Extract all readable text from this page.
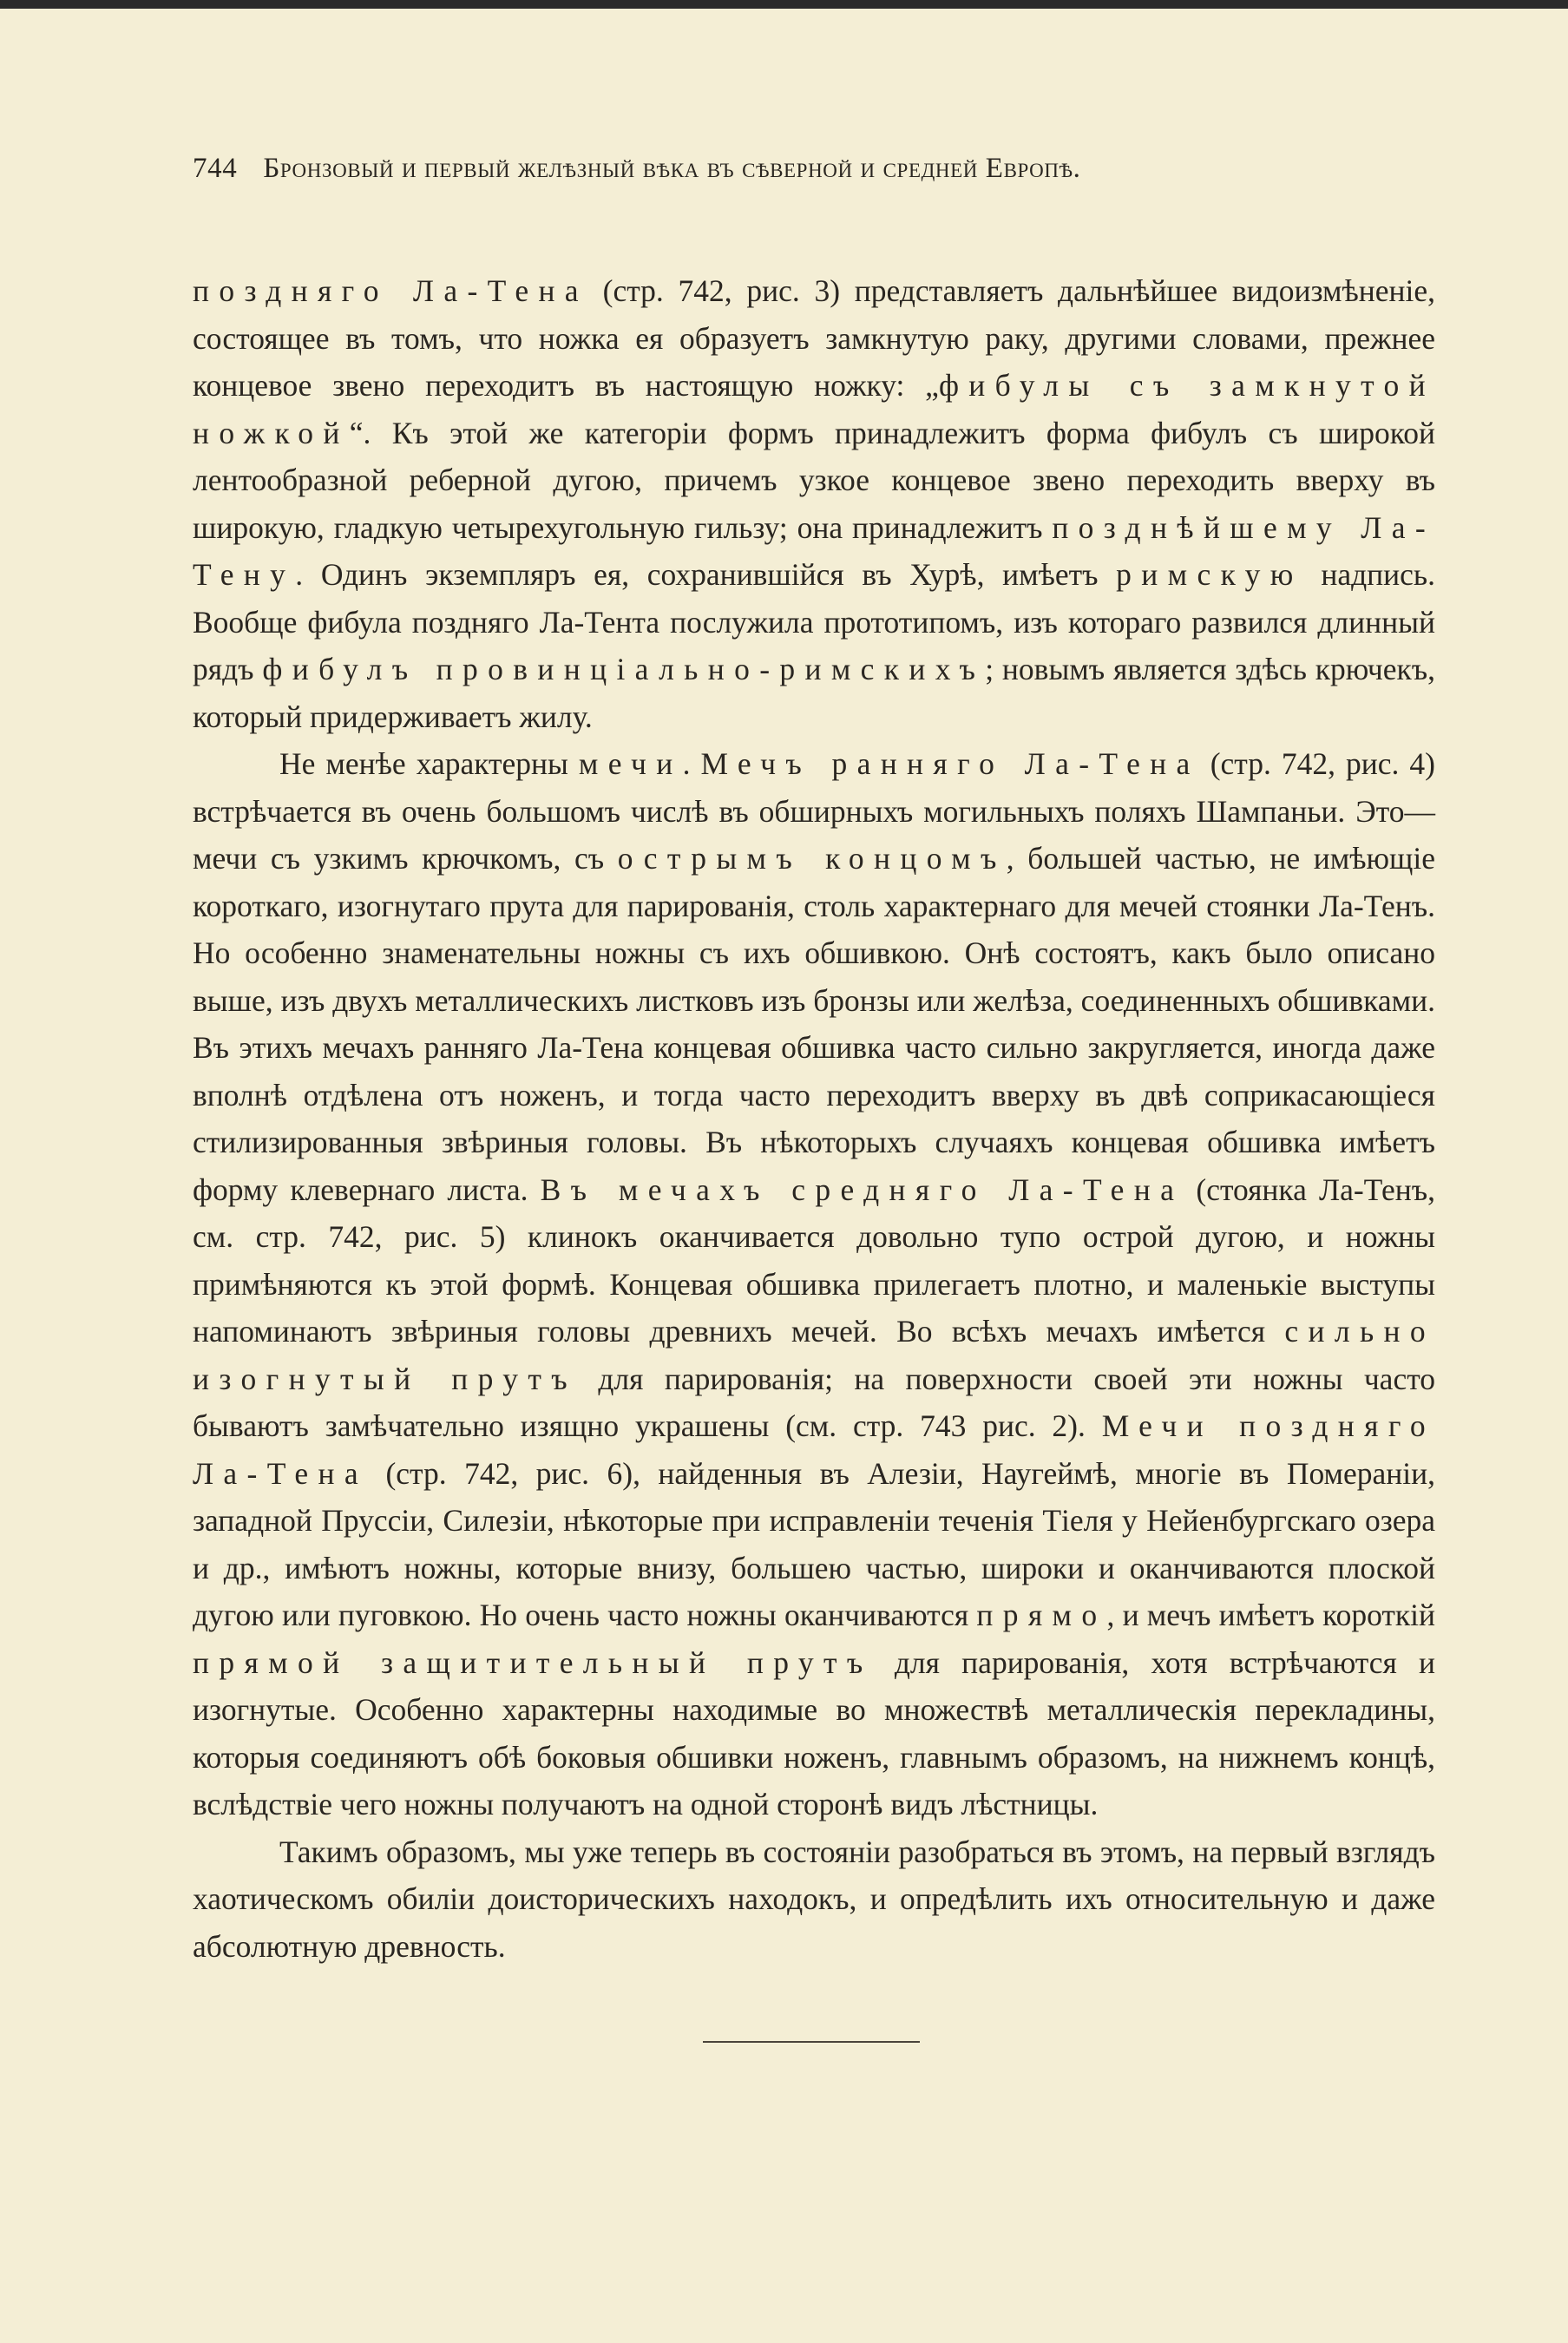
744 Бронзовый и первый желѣзный вѣка въ сѣверной и средней Европѣ.

поздняго Ла-Тена (стр. 742, рис. 3) представляетъ дальнѣйшее видоизмѣненіе, состоящее въ томъ, что ножка ея образуетъ замкнутую раку, другими словами, прежнее концевое звено переходитъ въ настоящую ножку: „фибулы съ замкнутой ножкой“. Къ этой же категоріи формъ принадлежитъ форма фибулъ съ широкой лентообразной реберной дугою, причемъ узкое концевое звено переходить вверху въ широкую, гладкую четырехугольную гильзу; она принадлежитъ позднѣйшему Ла-Тену. Одинъ экземпляръ ея, сохранившійся въ Хурѣ, имѣетъ римскую надпись. Вообще фибула поздняго Ла-Тента послужила прототипомъ, изъ котораго развился длинный рядъ фибулъ провинціально-римскихъ; новымъ является здѣсь крючекъ, который придерживаетъ жилу.

Не менѣе характерны мечи. Мечъ ранняго Ла-Тена (стр. 742, рис. 4) встрѣчается въ очень большомъ числѣ въ обширныхъ могильныхъ поляхъ Шампаньи. Это—мечи съ узкимъ крючкомъ, съ острымъ концомъ, большей частью, не имѣющіе короткаго, изогнутаго прута для парированія, столь характернаго для мечей стоянки Ла-Тенъ. Но особенно знаменательны ножны съ ихъ обшивкою. Онѣ состоятъ, какъ было описано выше, изъ двухъ металлическихъ листковъ изъ бронзы или желѣза, соединенныхъ обшивками. Въ этихъ мечахъ ранняго Ла-Тена концевая обшивка часто сильно закругляется, иногда даже вполнѣ отдѣлена отъ ноженъ, и тогда часто переходитъ вверху въ двѣ соприкасающіеся стилизированныя звѣриныя головы. Въ нѣкоторыхъ случаяхъ концевая обшивка имѣетъ форму клевернаго листа. Въ мечахъ средняго Ла-Тена (стоянка Ла-Тенъ, см. стр. 742, рис. 5) клинокъ оканчивается довольно тупо острой дугою, и ножны примѣняются къ этой формѣ. Концевая обшивка прилегаетъ плотно, и маленькіе выступы напоминаютъ звѣриныя головы древнихъ мечей. Во всѣхъ мечахъ имѣется сильно изогнутый прутъ для парированія; на поверхности своей эти ножны часто бываютъ замѣчательно изящно украшены (см. стр. 743 рис. 2). Мечи поздняго Ла-Тена (стр. 742, рис. 6), найденныя въ Алезіи, Наугеймѣ, многіе въ Помераніи, западной Пруссіи, Силезіи, нѣкоторые при исправленіи теченія Тіеля у Нейенбургскаго озера и др., имѣютъ ножны, которые внизу, большею частью, широки и оканчиваются плоской дугою или пуговкою. Но очень часто ножны оканчиваются прямо, и мечъ имѣетъ короткій прямой защитительный прутъ для парированія, хотя встрѣчаются и изогнутые. Особенно характерны находимые во множествѣ металлическія перекладины, которыя соединяютъ обѣ боковыя обшивки ноженъ, главнымъ образомъ, на нижнемъ концѣ, вслѣдствіе чего ножны получаютъ на одной сторонѣ видъ лѣстницы.

Такимъ образомъ, мы уже теперь въ состояніи разобраться въ этомъ, на первый взглядъ хаотическомъ обиліи доисторическихъ находокъ, и опредѣлить ихъ относительную и даже абсолютную древность.
